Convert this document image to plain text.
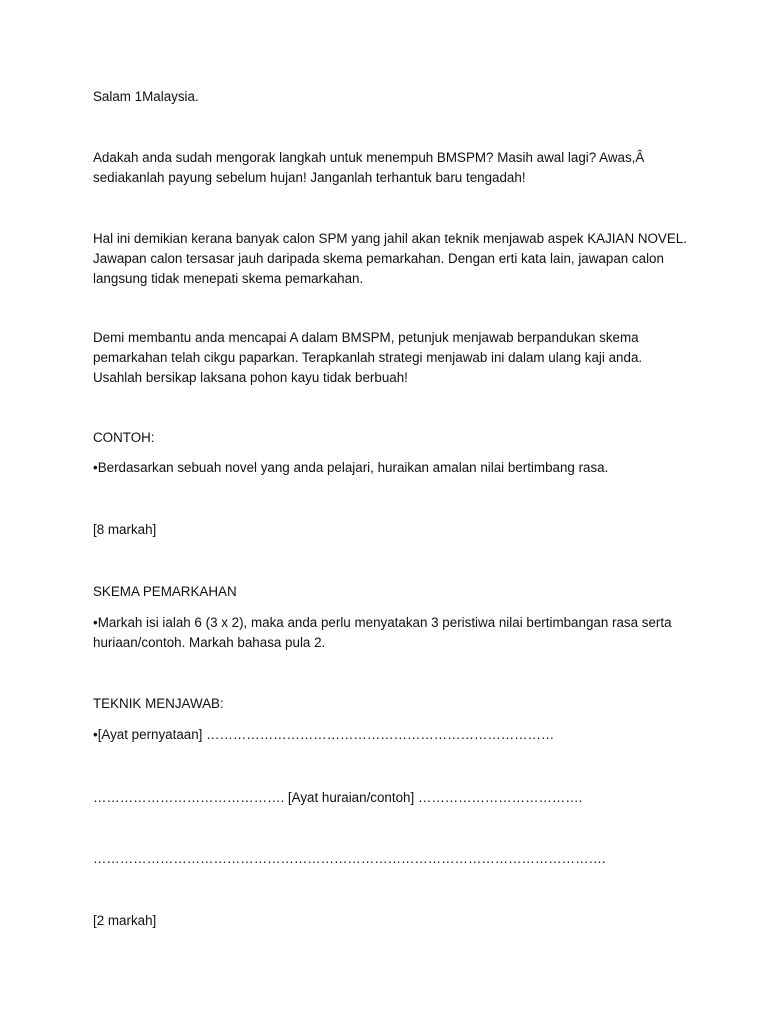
Salam 1Malaysia.

Adakah anda sudah mengorak langkah untuk menempuh BMSPM? Masih awal lagi? Awas,Â
sediakanlah payung sebelum hujan! Janganlah terhantuk baru tengadah!

Hal ini demikian kerana banyak calon SPM yang jahil akan teknik menjawab aspek KAJIAN NOVEL.
Jawapan calon tersasar jauh daripada skema pemarkahan. Dengan erti kata lain, jawapan calon
langsung tidak menepati skema pemarkahan.

Demi membantu anda mencapai A dalam BMSPM, petunjuk menjawab berpandukan skema
pemarkahan telah cikgu paparkan. Terapkanlah strategi menjawab ini dalam ulang kaji anda.
Usahlah bersikap laksana pohon kayu tidak berbuah!

CONTOH:

•Berdasarkan sebuah novel yang anda pelajari, huraikan amalan nilai bertimbang rasa.

[8 markah]

SKEMA PEMARKAHAN

•Markah isi ialah 6 (3 x 2), maka anda perlu menyatakan 3 peristiwa nilai bertimbangan rasa serta
huriaan/contoh. Markah bahasa pula 2.

TEKNIK MENJAWAB:

•[Ayat pernyataan] ……………………………………………………………………

……………………………………. [Ayat huraian/contoh] ……………………………….

…………………………………………………………………………………………………….

[2 markah]
